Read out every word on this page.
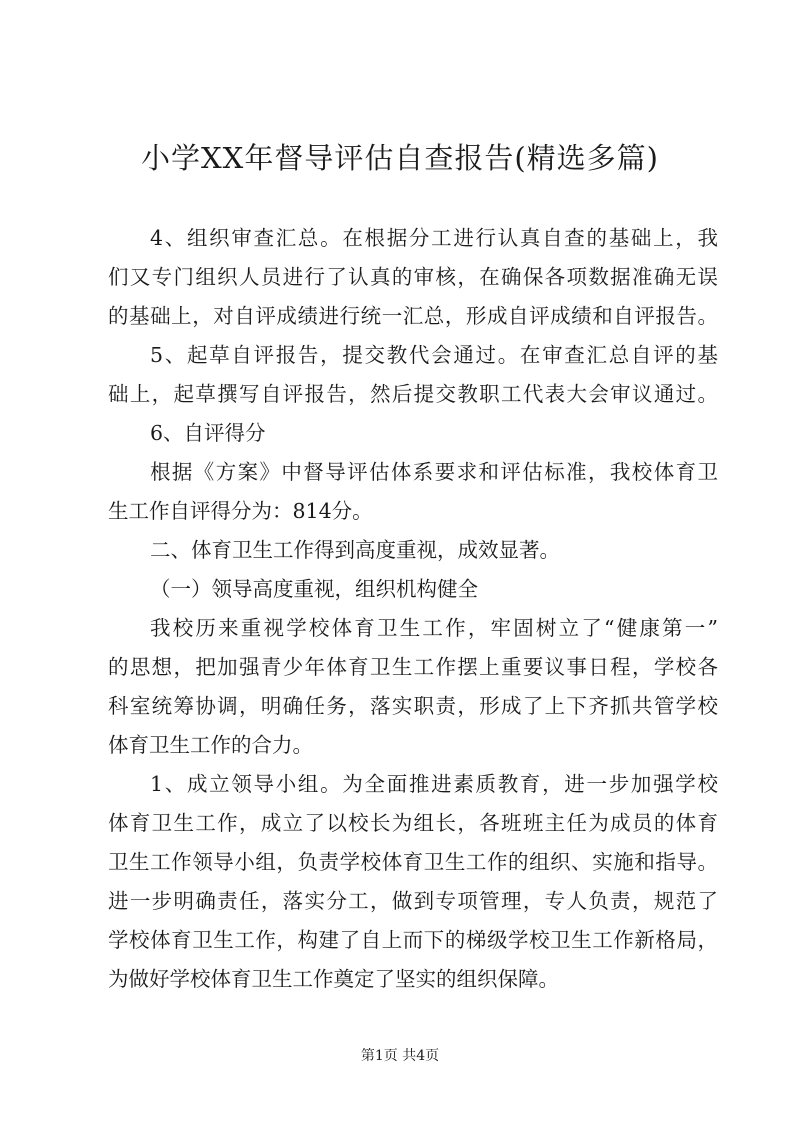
小学XX年督导评估自查报告(精选多篇)
4、组织审查汇总。在根据分工进行认真自查的基础上，我
们又专门组织人员进行了认真的审核，在确保各项数据准确无误
的基础上，对自评成绩进行统一汇总，形成自评成绩和自评报告。
5、起草自评报告，提交教代会通过。在审查汇总自评的基
础上，起草撰写自评报告，然后提交教职工代表大会审议通过。
6、自评得分
根据《方案》中督导评估体系要求和评估标准，我校体育卫
生工作自评得分为：814分。
二、体育卫生工作得到高度重视，成效显著。
（一）领导高度重视，组织机构健全
我校历来重视学校体育卫生工作，牢固树立了“健康第一”
的思想，把加强青少年体育卫生工作摆上重要议事日程，学校各
科室统筹协调，明确任务，落实职责，形成了上下齐抓共管学校
体育卫生工作的合力。
1、成立领导小组。为全面推进素质教育，进一步加强学校
体育卫生工作，成立了以校长为组长，各班班主任为成员的体育
卫生工作领导小组，负责学校体育卫生工作的组织、实施和指导。
进一步明确责任，落实分工，做到专项管理，专人负责，规范了
学校体育卫生工作，构建了自上而下的梯级学校卫生工作新格局，
为做好学校体育卫生工作奠定了坚实的组织保障。
第1页 共4页
